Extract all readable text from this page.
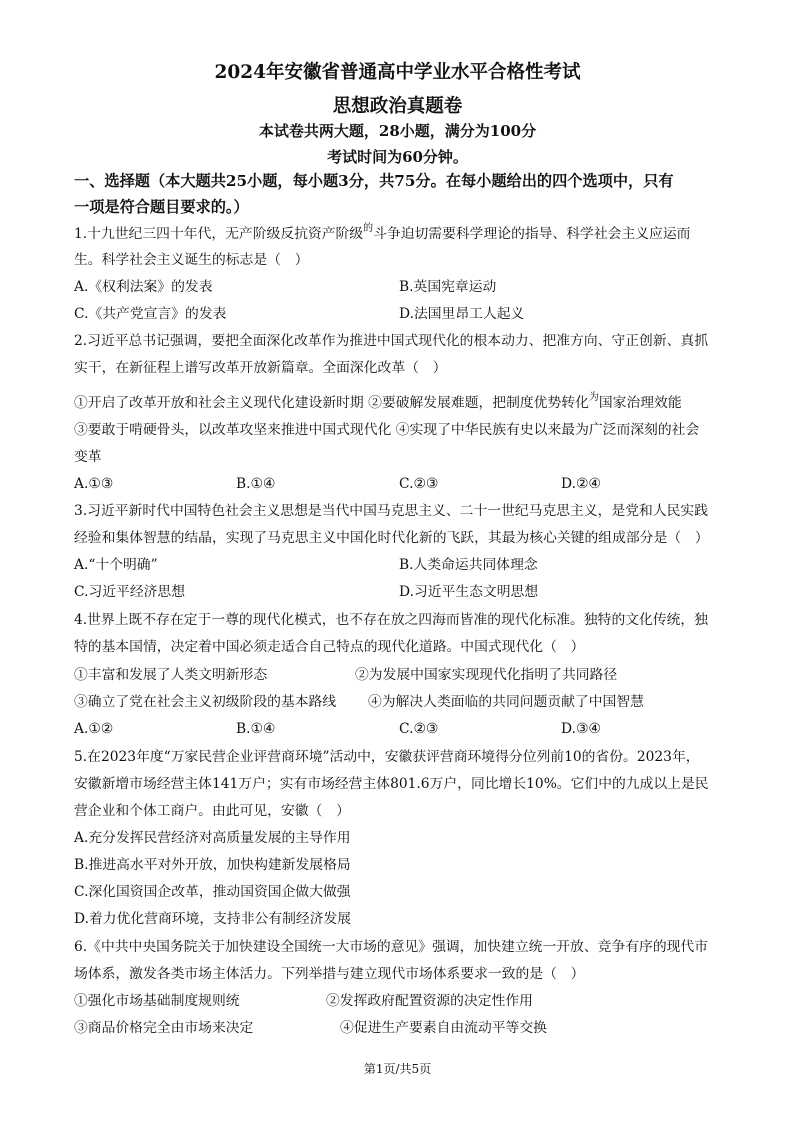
2024年安徽省普通高中学业水平合格性考试
思想政治真题卷
本试卷共两大题，28小题，满分为100分
考试时间为60分钟。
一、选择题（本大题共25小题，每小题3分，共75分。在每小题给出的四个选项中，只有
一项是符合题目要求的。）
1.十九世纪三四十年代，无产阶级反抗资产阶级$^的$斗争迫切需要科学理论的指导、科学社会主义应运而
生。科学社会主义诞生的标志是（　）
A.《权利法案》的发表	B.英国宪章运动
C.《共产党宣言》的发表	D.法国里昂工人起义
2.习近平总书记强调，要把全面深化改革作为推进中国式现代化的根本动力、把准方向、守正创新、真抓
实干，在新征程上谱写改革开放新篇章。全面深化改革（　）
①开启了改革开放和社会主义现代化建设新时期 ②要破解发展难题，把制度优势转化$^为$国家治理效能
③要敢于啃硬骨头，以改革攻坚来推进中国式现代化 ④实现了中华民族有史以来最为广泛而深刻的社会
变革
A.①③	B.①④	C.②③	D.②④
3.习近平新时代中国特色社会主义思想是当代中国马克思主义、二十一世纪马克思主义，是党和人民实践
经验和集体智慧的结晶，实现了马克思主义中国化时代化新的飞跃，其最为核心关键的组成部分是（　）
A.“十个明确”	B.人类命运共同体理念
C.习近平经济思想	D.习近平生态文明思想
4.世界上既不存在定于一尊的现代化模式，也不存在放之四海而皆准的现代化标准。独特的文化传统，独
特的基本国情，决定着中国必须走适合自己特点的现代化道路。中国式现代化（　）
①丰富和发展了人类文明新形态	②为发展中国家实现现代化指明了共同路径
③确立了党在社会主义初级阶段的基本路线 ④为解决人类面临的共同问题贡献了中国智慧
A.①②	B.①④	C.②③	D.③④
5.在2023年度“万家民营企业评营商环境”活动中，安徽获评营商环境得分位列前10的省份。2023年，
安徽新增市场经营主体141万户；实有市场经营主体801.6万户，同比增长10%。它们中的九成以上是民
营企业和个体工商户。由此可见，安徽（　）
A.充分发挥民营经济对高质量发展的主导作用
B.推进高水平对外开放，加快构建新发展格局
C.深化国资国企改革，推动国资国企做大做强
D.着力优化营商环境，支持非公有制经济发展
6.《中共中央国务院关于加快建设全国统一大市场的意见》强调，加快建立统一开放、竞争有序的现代市
场体系，激发各类市场主体活力。下列举措与建立现代市场体系要求一致的是（　）
①强化市场基础制度规则统	②发挥政府配置资源的决定性作用
③商品价格完全由市场来决定	④促进生产要素自由流动平等交换
第1页/共5页
